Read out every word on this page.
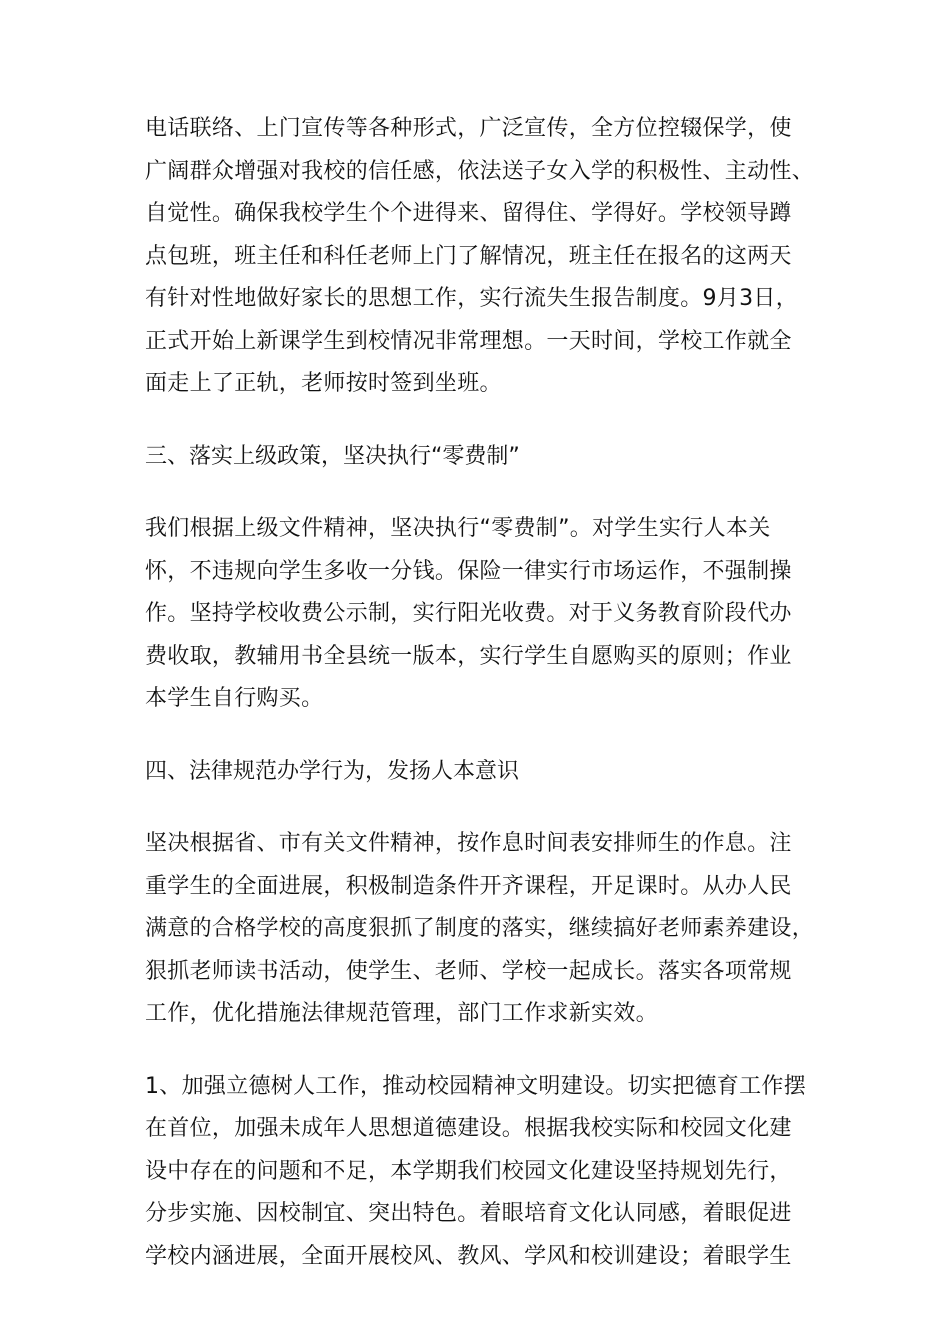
电话联络、上门宣传等各种形式，广泛宣传，全方位控辍保学，使
广阔群众增强对我校的信任感，依法送子女入学的积极性、主动性、
自觉性。确保我校学生个个进得来、留得住、学得好。学校领导蹲
点包班，班主任和科任老师上门了解情况，班主任在报名的这两天
有针对性地做好家长的思想工作，实行流失生报告制度。9月3日，
正式开始上新课学生到校情况非常理想。一天时间，学校工作就全
面走上了正轨，老师按时签到坐班。

三、落实上级政策，坚决执行“零费制”

我们根据上级文件精神，坚决执行“零费制”。对学生实行人本关
怀，不违规向学生多收一分钱。保险一律实行市场运作，不强制操
作。坚持学校收费公示制，实行阳光收费。对于义务教育阶段代办
费收取，教辅用书全县统一版本，实行学生自愿购买的原则；作业
本学生自行购买。

四、法律规范办学行为，发扬人本意识

坚决根据省、市有关文件精神，按作息时间表安排师生的作息。注
重学生的全面进展，积极制造条件开齐课程，开足课时。从办人民
满意的合格学校的高度狠抓了制度的落实，继续搞好老师素养建设，
狠抓老师读书活动，使学生、老师、学校一起成长。落实各项常规
工作，优化措施法律规范管理，部门工作求新实效。

1、加强立德树人工作，推动校园精神文明建设。切实把德育工作摆
在首位，加强未成年人思想道德建设。根据我校实际和校园文化建
设中存在的问题和不足，本学期我们校园文化建设坚持规划先行，
分步实施、因校制宜、突出特色。着眼培育文化认同感，着眼促进
学校内涵进展，全面开展校风、教风、学风和校训建设；着眼学生
